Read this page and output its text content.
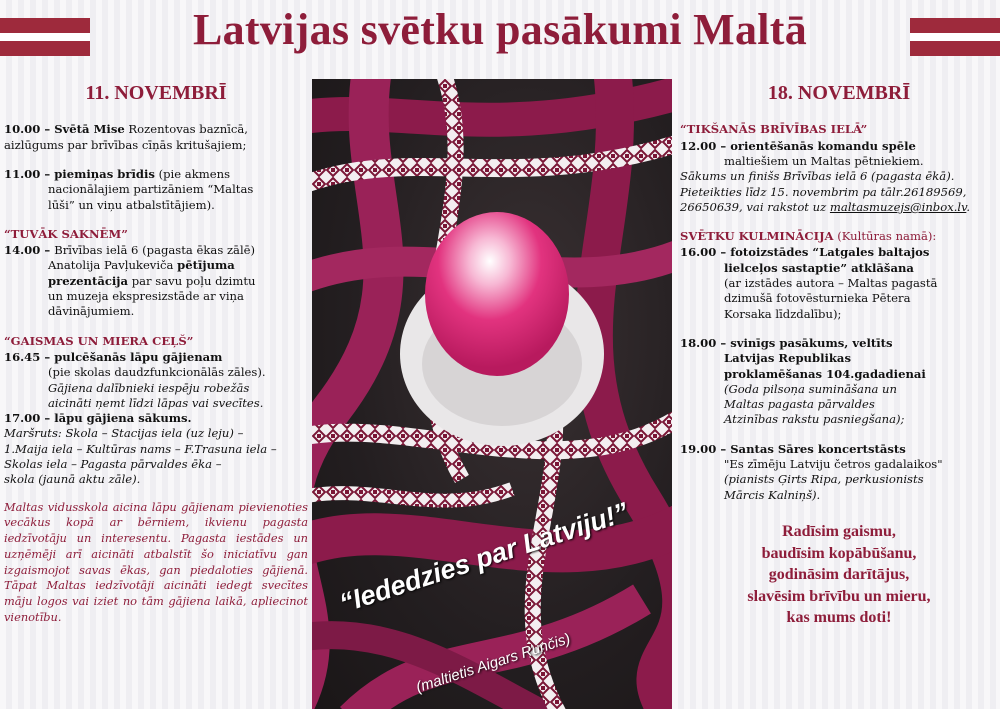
Latvijas svētku pasākumi Maltā
11. NOVEMBRĪ
10.00 – Svētā Mise Rozentovas baznīcā,
aizlūgums par brīvības cīņās kritušajiem;
11.00 – piemiņas brīdis (pie akmens
nacionālajiem partizāniem “Maltas
lūši” un viņu atbalstītājiem).
“TUVĀK SAKNĒM”
14.00 – Brīvības ielā 6 (pagasta ēkas zālē)
Anatolija Pavļukeviča pētījuma
prezentācija par savu poļu dzimtu
un muzeja ekspresizstāde ar viņa
dāvinājumiem.
“GAISMAS UN MIERA CEĻŠ”
16.45 – pulcēšanās lāpu gājienam
(pie skolas daudzfunkcionālās zāles).
Gājiena dalībnieki iespēju robežās
aicināti ņemt līdzi lāpas vai svecītes.
17.00 – lāpu gājiena sākums.
Maršruts: Skola – Stacijas iela (uz leju) –
1.Maija iela – Kultūras nams – F.Trasuna iela –
Skolas iela – Pagasta pārvaldes ēka –
skola (jaunā aktu zāle).
Maltas vidusskola aicina lāpu gājienam pievienoties vecākus kopā ar bērniem, ikvienu pagasta iedzīvotāju un interesentu. Pagasta iestādes un uzņēmēji arī aicināti atbalstīt šo iniciatīvu gan izgaismojot savas ēkas, gan piedaloties gājienā. Tāpat Maltas iedzīvotāji aicināti iedegt svecītes māju logos vai iziet no tām gājiena laikā, apliecinot vienotību.	“Iededzies par Latviju!”
(maltietis Aigars Runčis)
18. NOVEMBRĪ
“TIKŠANĀS BRĪVĪBAS IELĀ”
12.00 – orientēšanās komandu spēle
maltiešiem un Maltas pētniekiem.
Sākums un finišs Brīvības ielā 6 (pagasta ēkā).
Pieteikties līdz 15. novembrim pa tālr.26189569,
26650639, vai rakstot uz maltasmuzejs@inbox.lv.
SVĒTKU KULMINĀCIJA (Kultūras namā):
16.00 – fotoizstādes “Latgales baltajos
lielceļos sastaptie” atklāšana
(ar izstādes autora – Maltas pagastā
dzimušā fotovēsturnieka Pētera
Korsaka līdzdalību);
18.00 – svinīgs pasākums, veltīts
Latvijas Republikas
proklamēšanas 104.gadadienai
(Goda pilsoņa sumināšana un
Maltas pagasta pārvaldes
Atzinības rakstu pasniegšana);
19.00 – Santas Sāres koncertstāsts
"Es zīmēju Latviju četros gadalaikos"
(pianists Ģirts Ripa, perkusionists
Mārcis Kalniņš).
Radīsim gaismu,
baudīsim kopābūšanu,
godināsim darītājus,
slavēsim brīvību un mieru,
kas mums doti!
